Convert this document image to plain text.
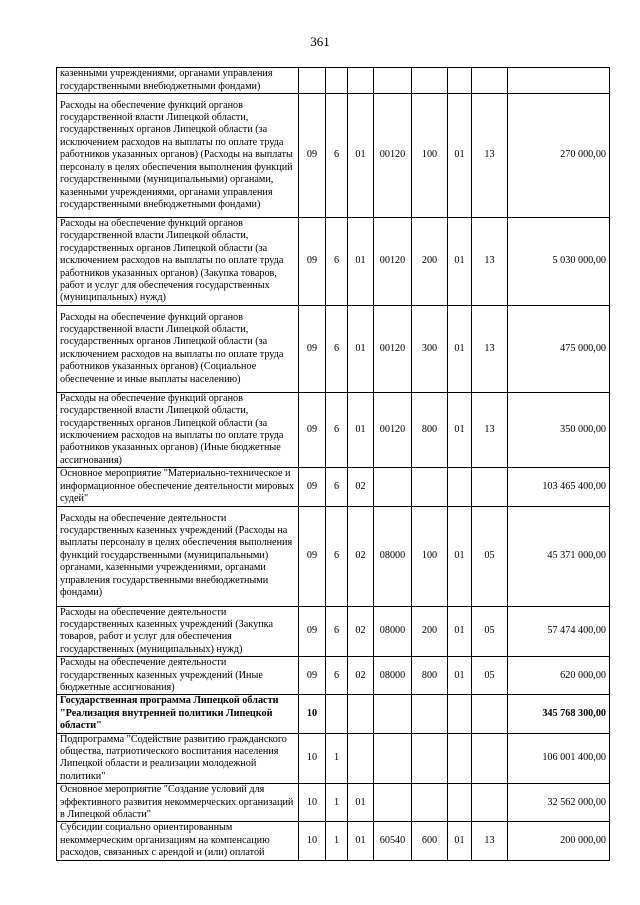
361
казенными учреждениями, органами управления государственными внебюджетными фондами)								
Расходы на обеспечение функций органов государственной власти Липецкой области, государственных органов Липецкой области (за исключением расходов на выплаты по оплате труда работников указанных органов) (Расходы на выплаты персоналу в целях обеспечения выполнения функций государственными (муниципальными) органами, казенными учреждениями, органами управления государственными внебюджетными фондами)	09	6	01	00120	100	01	13	270 000,00
Расходы на обеспечение функций органов государственной власти Липецкой области, государственных органов Липецкой области (за исключением расходов на выплаты по оплате труда работников указанных органов) (Закупка товаров, работ и услуг для обеспечения государственных (муниципальных) нужд)	09	6	01	00120	200	01	13	5 030 000,00
Расходы на обеспечение функций органов государственной власти Липецкой области, государственных органов Липецкой области (за исключением расходов на выплаты по оплате труда работников указанных органов) (Социальное обеспечение и иные выплаты населению)	09	6	01	00120	300	01	13	475 000,00
Расходы на обеспечение функций органов государственной власти Липецкой области, государственных органов Липецкой области (за исключением расходов на выплаты по оплате труда работников указанных органов) (Иные бюджетные ассигнования)	09	6	01	00120	800	01	13	350 000,00
Основное мероприятие "Материально-техническое и информационное обеспечение деятельности мировых судей"	09	6	02					103 465 400,00
Расходы на обеспечение деятельности государственных казенных учреждений (Расходы на выплаты персоналу в целях обеспечения выполнения функций государственными (муниципальными) органами, казенными учреждениями, органами управления государственными внебюджетными фондами)	09	6	02	08000	100	01	05	45 371 000,00
Расходы на обеспечение деятельности государственных казенных учреждений (Закупка товаров, работ и услуг для обеспечения государственных (муниципальных) нужд)	09	6	02	08000	200	01	05	57 474 400,00
Расходы на обеспечение деятельности государственных казенных учреждений (Иные бюджетные ассигнования)	09	6	02	08000	800	01	05	620 000,00
Государственная программа Липецкой области "Реализация внутренней политики Липецкой области"	10							345 768 300,00
Подпрограмма "Содействие развитию гражданского общества, патриотического воспитания населения Липецкой области и реализации молодежной политики"	10	1						106 001 400,00
Основное мероприятие "Создание условий для эффективного развития некоммерческих организаций в Липецкой области"	10	1	01					32 562 000,00
Субсидии социально ориентированным некоммерческим организациям на компенсацию расходов, связанных с арендой и (или) оплатой	10	1	01	60540	600	01	13	200 000,00
